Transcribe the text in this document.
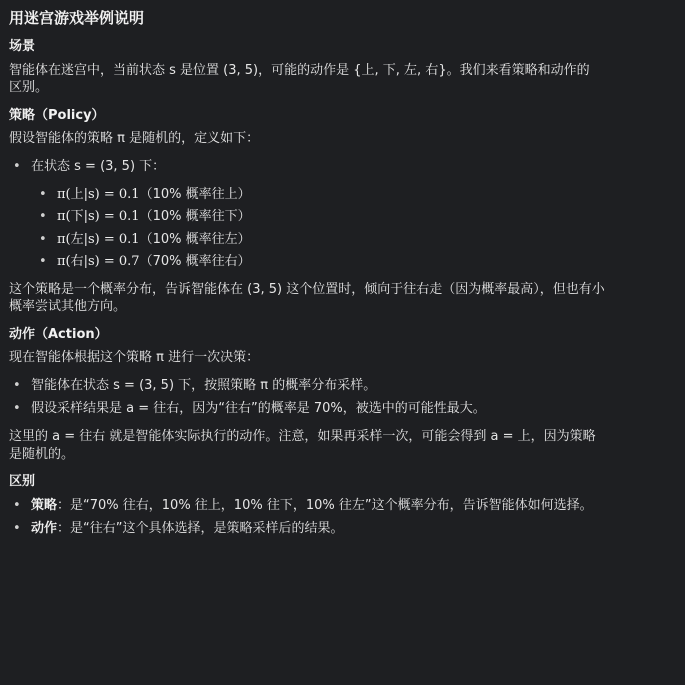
用迷宫游戏举例说明
场景
智能体在迷宫中，当前状态 s 是位置 (3, 5)，可能的动作是 {上, 下, 左, 右}。我们来看策略和动作的
区别。
策略（Policy）
假设智能体的策略 π 是随机的，定义如下：
• 在状态 s = (3, 5) 下：
• π(上|s) = 0.1（10% 概率往上）
• π(下|s) = 0.1（10% 概率往下）
• π(左|s) = 0.1（10% 概率往左）
• π(右|s) = 0.7（70% 概率往右）
这个策略是一个概率分布，告诉智能体在 (3, 5) 这个位置时，倾向于往右走（因为概率最高），但也有小
概率尝试其他方向。
动作（Action）
现在智能体根据这个策略 π 进行一次决策：
• 智能体在状态 s = (3, 5) 下，按照策略 π 的概率分布采样。
• 假设采样结果是 a = 往右，因为“往右”的概率是 70%，被选中的可能性最大。
这里的 a = 往右 就是智能体实际执行的动作。注意，如果再采样一次，可能会得到 a = 上，因为策略
是随机的。
区别
• 策略：是“70% 往右，10% 往上，10% 往下，10% 往左”这个概率分布，告诉智能体如何选择。
• 动作：是“往右”这个具体选择，是策略采样后的结果。
